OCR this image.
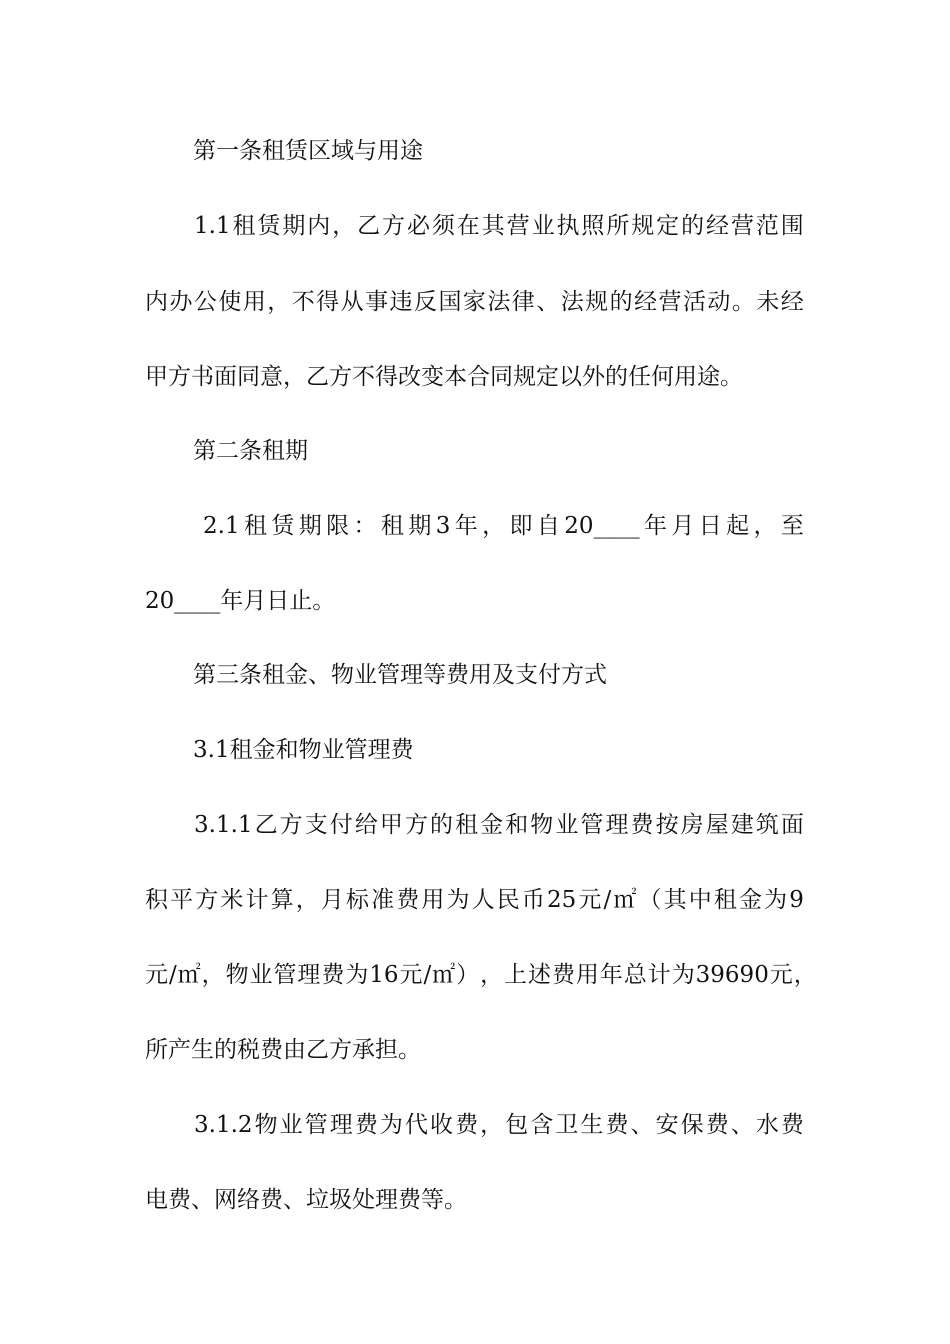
第一条租赁区域与用途
1.1 租 赁 期 内 ， 乙 方 必 须 在 其 营 业 执 照 所 规 定 的 经 营 范 围
内 办 公 使 用 ， 不 得 从 事 违 反 国 家 法 律 、 法 规 的 经 营 活 动 。 未 经
甲方书面同意，乙方不得改变本合同规定以外的任何用途。
第二条租期
2.1 租 赁 期 限 ： 租 期 3 年 ， 即 自 20____ 年 月 日 起 ， 至
20____年月日止。
第三条租金、物业管理等费用及支付方式
3.1租金和物业管理费
3.1.1 乙 方 支 付 给 甲 方 的 租 金 和 物 业 管 理 费 按 房 屋 建 筑 面
积 平 方 米 计 算 ， 月 标 准 费 用 为 人 民 币 25 元 / ㎡ （ 其 中 租 金 为 9
元 / ㎡ ， 物 业 管 理 费 为 16 元 / ㎡ ） ， 上 述 费 用 年 总 计 为 39690 元 ，
所产生的税费由乙方承担。
3.1.2 物 业 管 理 费 为 代 收 费 ， 包 含 卫 生 费 、 安 保 费 、 水 费
电费、网络费、垃圾处理费等。
